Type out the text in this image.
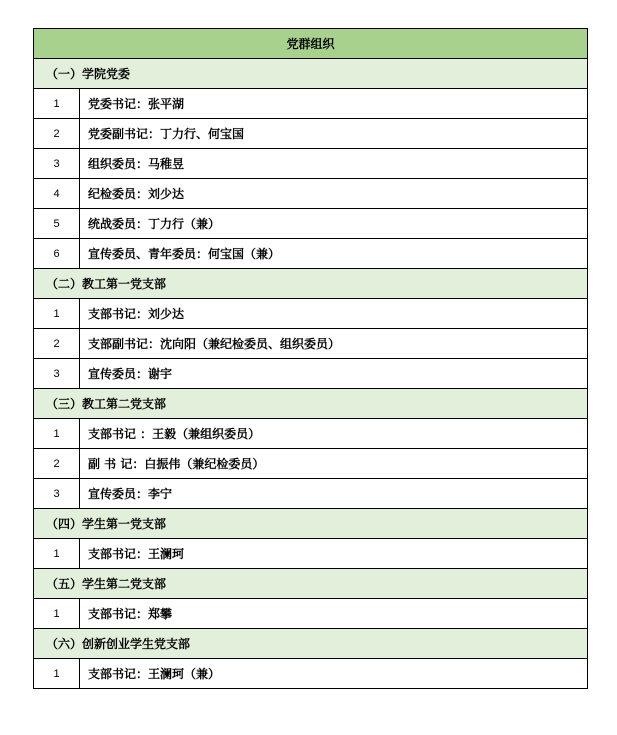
党群组织	
（一）学院党委	
1	党委书记：张平湖
2	党委副书记：丁力行、何宝国
3	组织委员：马稚昱
4	纪检委员：刘少达
5	统战委员：丁力行（兼）
6	宣传委员、青年委员：何宝国（兼）
（二）教工第一党支部	
1	支部书记：刘少达
2	支部副书记：沈向阳（兼纪检委员、组织委员）
3	宣传委员：谢宇
（三）教工第二党支部	
1	支部书记 ：王毅（兼组织委员）
2	副 书 记：白振伟（兼纪检委员）
3	宣传委员：李宁
（四）学生第一党支部	
1	支部书记：王澜珂
（五）学生第二党支部	
1	支部书记：郑攀
（六）创新创业学生党支部	
1	支部书记：王澜珂（兼）
